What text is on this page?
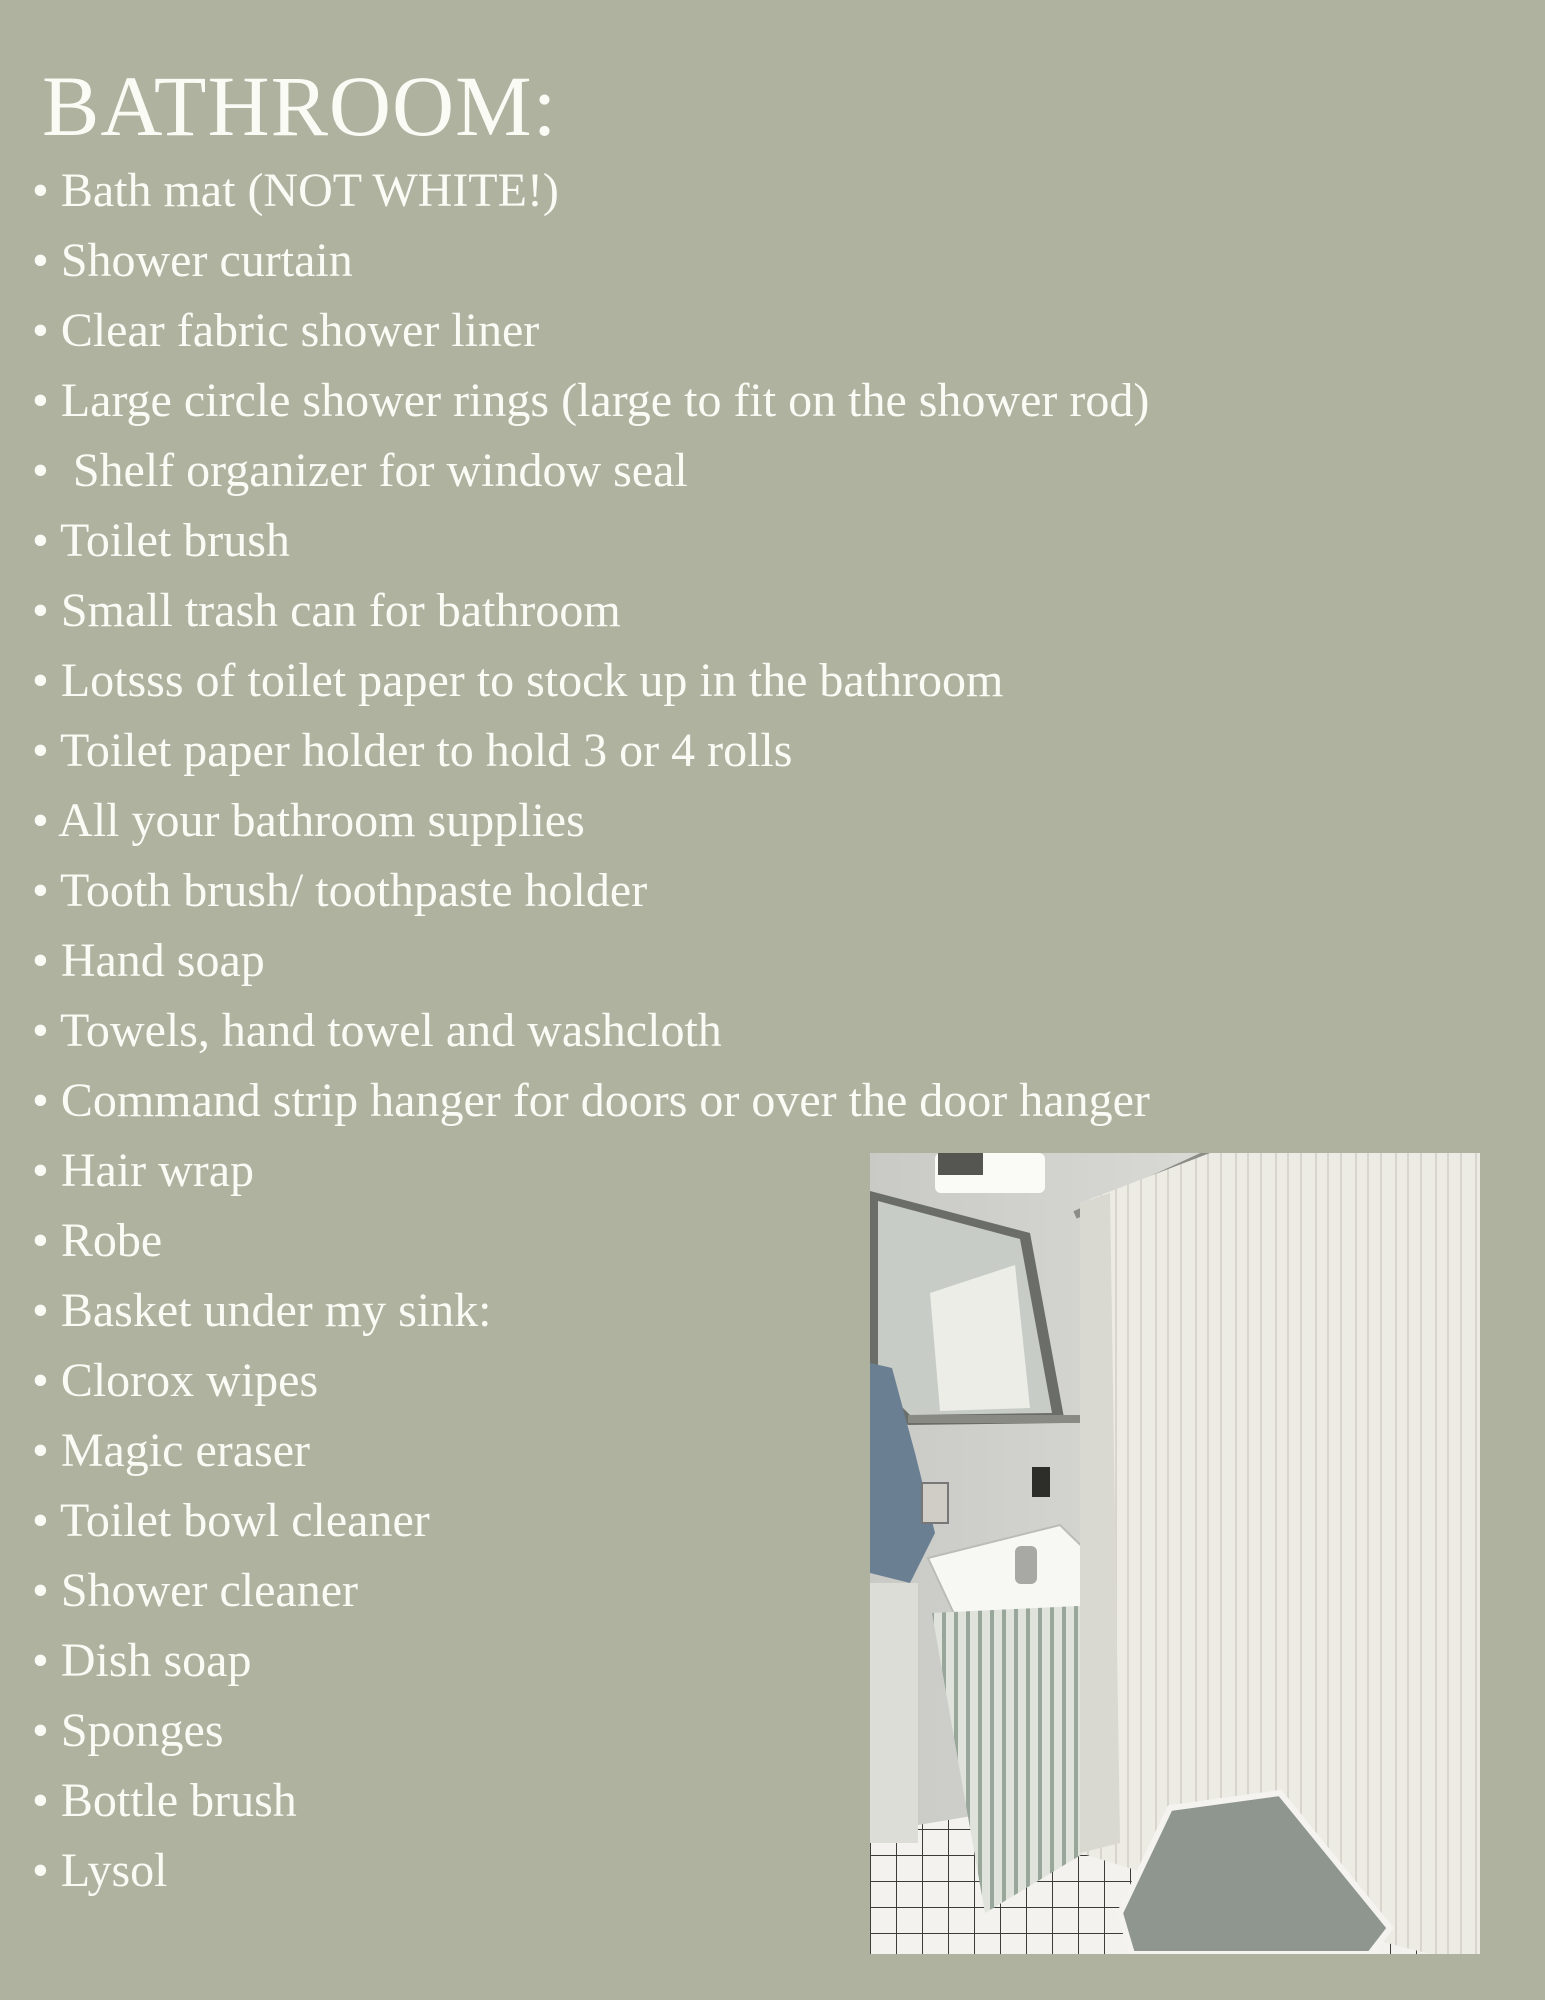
BATHROOM:
• Bath mat (NOT WHITE!)
• Shower curtain
• Clear fabric shower liner
• Large circle shower rings (large to fit on the shower rod)
•  Shelf organizer for window seal
• Toilet brush
• Small trash can for bathroom
• Lotsss of toilet paper to stock up in the bathroom
• Toilet paper holder to hold 3 or 4 rolls
• All your bathroom supplies
• Tooth brush/ toothpaste holder
• Hand soap
• Towels, hand towel and washcloth
• Command strip hanger for doors or over the door hanger
• Hair wrap
• Robe
• Basket under my sink:
• Clorox wipes
• Magic eraser
• Toilet bowl cleaner
• Shower cleaner
• Dish soap
• Sponges
• Bottle brush
• Lysol
